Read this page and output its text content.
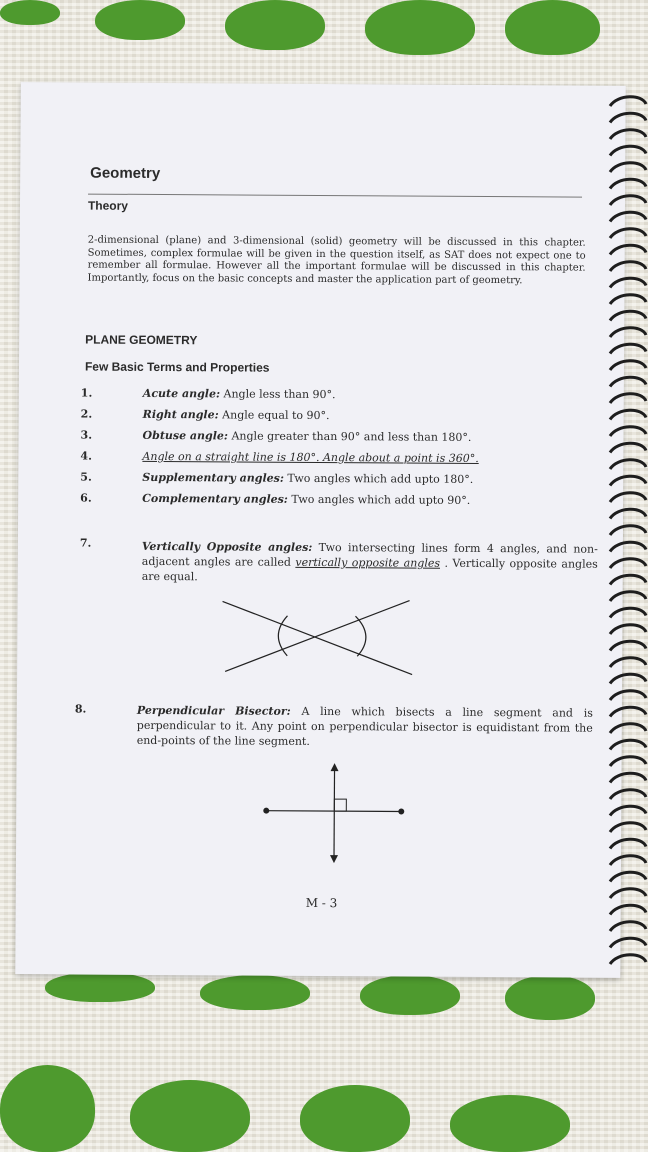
Geometry
Theory
2-dimensional (plane) and 3-dimensional (solid) geometry will be discussed in this chapter. Sometimes, complex formulae will be given in the question itself, as SAT does not expect one to remember all formulae. However all the important formulae will be discussed in this chapter. Importantly, focus on the basic concepts and master the application part of geometry.
PLANE GEOMETRY
Few Basic Terms and Properties
1.	Acute angle: Angle less than 90°.
2.	Right angle: Angle equal to 90°.
3.	Obtuse angle: Angle greater than 90° and less than 180°.
4.	Angle on a straight line is 180°. Angle about a point is 360°.
5.	Supplementary angles: Two angles which add upto 180°.
6.	Complementary angles: Two angles which add upto 90°.
7.	Vertically Opposite angles: Two intersecting lines form 4 angles, and non-adjacent angles are called vertically opposite angles . Vertically opposite angles are equal.
8.	Perpendicular Bisector: A line which bisects a line segment and is perpendicular to it. Any point on perpendicular bisector is equidistant from the end-points of the line segment.
M - 3
